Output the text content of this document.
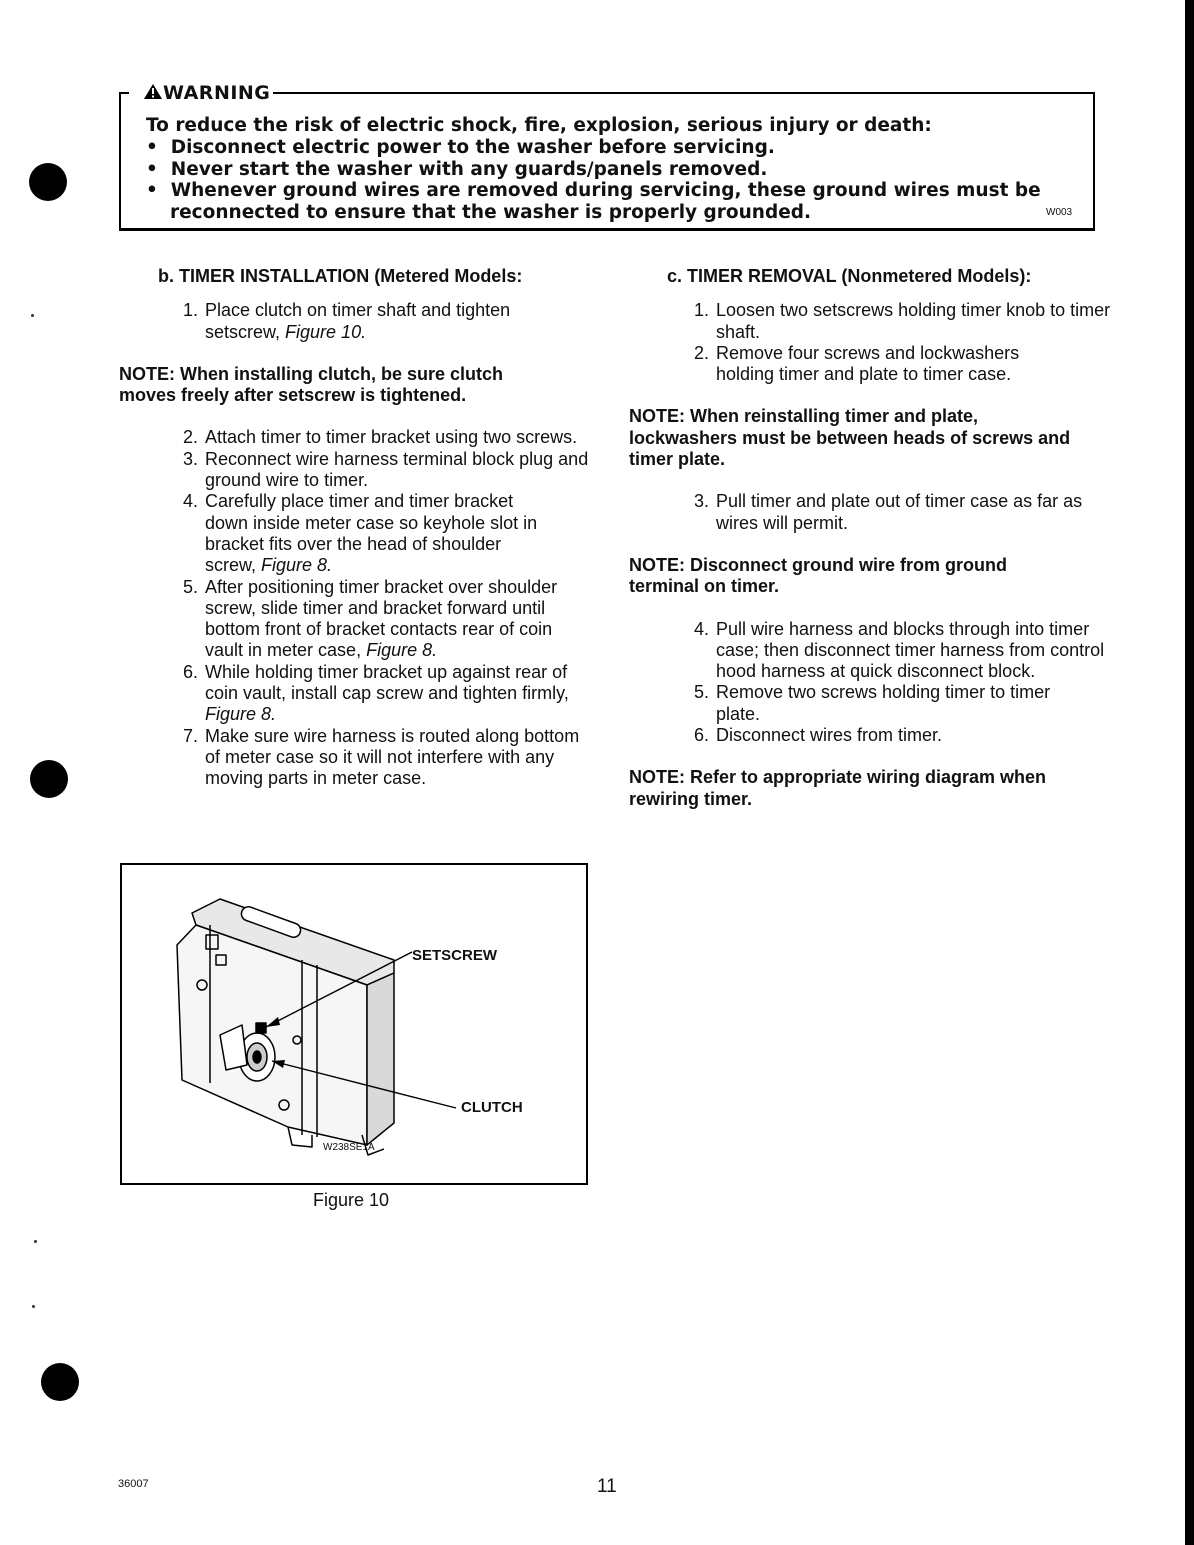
WARNING
To reduce the risk of electric shock, fire, explosion, serious injury or death:
•  Disconnect electric power to the washer before servicing.
•  Never start the washer with any guards/panels removed.
•  Whenever ground wires are removed during servicing, these ground wires must be
reconnected to ensure that the washer is properly grounded.	W003

b. TIMER INSTALLATION (Metered Models:

1. Place clutch on timer shaft and tighten
setscrew, Figure 10.

NOTE: When installing clutch, be sure clutch moves freely after setscrew is tightened.

2. Attach timer to timer bracket using two screws.
3. Reconnect wire harness terminal block plug and ground wire to timer.
4. Carefully place timer and timer bracket down inside meter case so keyhole slot in bracket fits over the head of shoulder screw, Figure 8.
5. After positioning timer bracket over shoulder screw, slide timer and bracket forward until bottom front of bracket contacts rear of coin vault in meter case, Figure 8.
6. While holding timer bracket up against rear of coin vault, install cap screw and tighten firmly, Figure 8.
7. Make sure wire harness is routed along bottom of meter case so it will not interfere with any moving parts in meter case.

c. TIMER REMOVAL (Nonmetered Models):

1. Loosen two setscrews holding timer knob to timer shaft.
2. Remove four screws and lockwashers holding timer and plate to timer case.

NOTE: When reinstalling timer and plate, lockwashers must be between heads of screws and timer plate.

3. Pull timer and plate out of timer case as far as wires will permit.

NOTE: Disconnect ground wire from ground terminal on timer.

4. Pull wire harness and blocks through into timer case; then disconnect timer harness from control hood harness at quick disconnect block.
5. Remove two screws holding timer to timer plate.
6. Disconnect wires from timer.

NOTE: Refer to appropriate wiring diagram when rewiring timer.

SETSCREW
CLUTCH
W238SE1A
Figure 10
36007	11
